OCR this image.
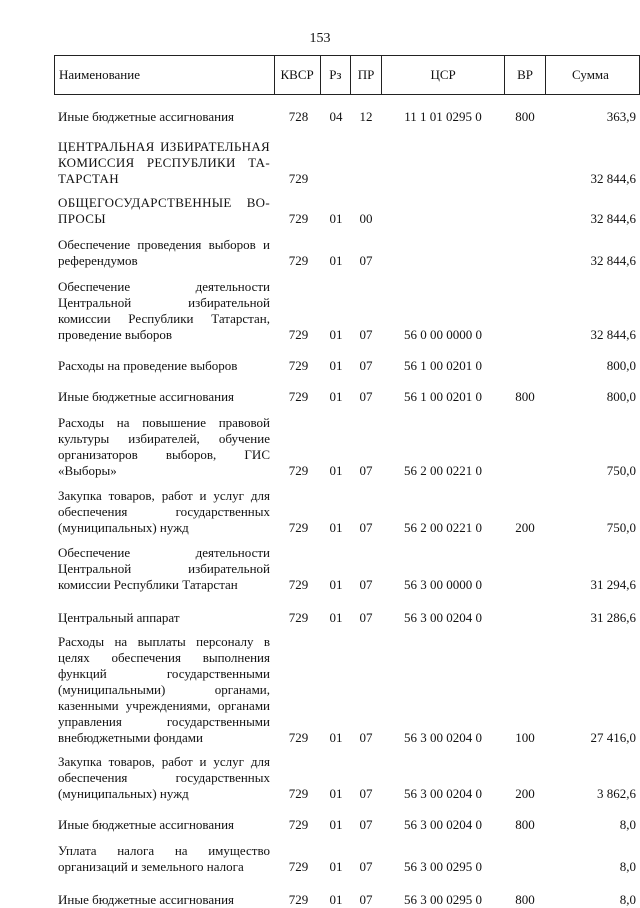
153
Наименование	КВСР	Рз	ПР	ЦСР	ВР	Сумма
Иные бюджетные ассигнования	728	04	12	11 1 01 0295 0	800	363,9
ЦЕНТРАЛЬНАЯ ИЗБИРАТЕЛЬНАЯ КОМИССИЯ РЕСПУБЛИКИ ТА-ТАРСТАН	729					32 844,6
ОБЩЕГОСУДАРСТВЕННЫЕ ВО-ПРОСЫ	729	01	00			32 844,6
Обеспечение проведения выборов и референдумов	729	01	07			32 844,6
Обеспечение деятельности Центральной избирательной комиссии Республики Татарстан, проведение выборов	729	01	07	56 0 00 0000 0		32 844,6
Расходы на проведение выборов	729	01	07	56 1 00 0201 0		800,0
Иные бюджетные ассигнования	729	01	07	56 1 00 0201 0	800	800,0
Расходы на повышение правовой культуры избирателей, обучение организаторов выборов, ГИС «Выборы»	729	01	07	56 2 00 0221 0		750,0
Закупка товаров, работ и услуг для обеспечения государственных (муниципальных) нужд	729	01	07	56 2 00 0221 0	200	750,0
Обеспечение деятельности Центральной избирательной комиссии Республики Татарстан	729	01	07	56 3 00 0000 0		31 294,6
Центральный аппарат	729	01	07	56 3 00 0204 0		31 286,6
Расходы на выплаты персоналу в целях обеспечения выполнения функций государственными (муниципальными) органами, казенными учреждениями, органами управления государственными внебюджетными фондами	729	01	07	56 3 00 0204 0	100	27 416,0
Закупка товаров, работ и услуг для обеспечения государственных (муниципальных) нужд	729	01	07	56 3 00 0204 0	200	3 862,6
Иные бюджетные ассигнования	729	01	07	56 3 00 0204 0	800	8,0
Уплата налога на имущество организаций и земельного налога	729	01	07	56 3 00 0295 0		8,0
Иные бюджетные ассигнования	729	01	07	56 3 00 0295 0	800	8,0
